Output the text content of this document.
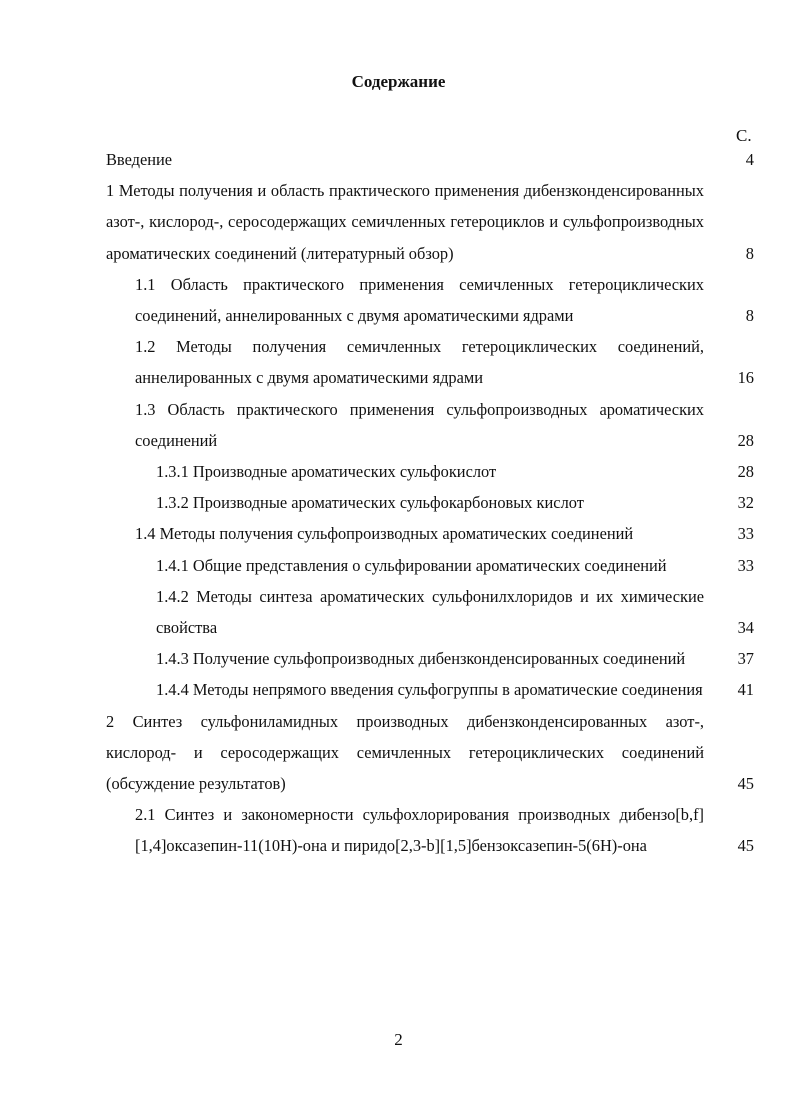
Содержание
С.
Введение	4
1 Методы получения и область практического применения дибензконденсированных азот-, кислород-, серосодержащих семичленных гетероциклов и сульфопроизводных ароматических соединений (литературный обзор)	8
1.1 Область практического применения семичленных гетероциклических соединений, аннелированных с двумя ароматическими ядрами	8
1.2 Методы получения семичленных гетероциклических соединений, аннелированных с двумя ароматическими ядрами	16
1.3 Область практического применения сульфопроизводных ароматических соединений	28
1.3.1 Производные ароматических сульфокислот	28
1.3.2 Производные ароматических сульфокарбоновых кислот	32
1.4 Методы получения сульфопроизводных ароматических соединений	33
1.4.1 Общие представления о сульфировании ароматических соединений	33
1.4.2 Методы синтеза ароматических сульфонилхлоридов и их химические свойства	34
1.4.3 Получение сульфопроизводных дибензконденсированных соединений	37
1.4.4 Методы непрямого введения сульфогруппы в ароматические соединения	41
2 Синтез сульфониламидных производных дибензконденсированных азот-, кислород- и серосодержащих семичленных гетероциклических соединений (обсуждение результатов)	45
2.1 Синтез и закономерности сульфохлорирования производных дибензо[b,f][1,4]оксазепин-11(10H)-она и пиридо[2,3-b][1,5]бензоксазепин-5(6H)-она	45
2
